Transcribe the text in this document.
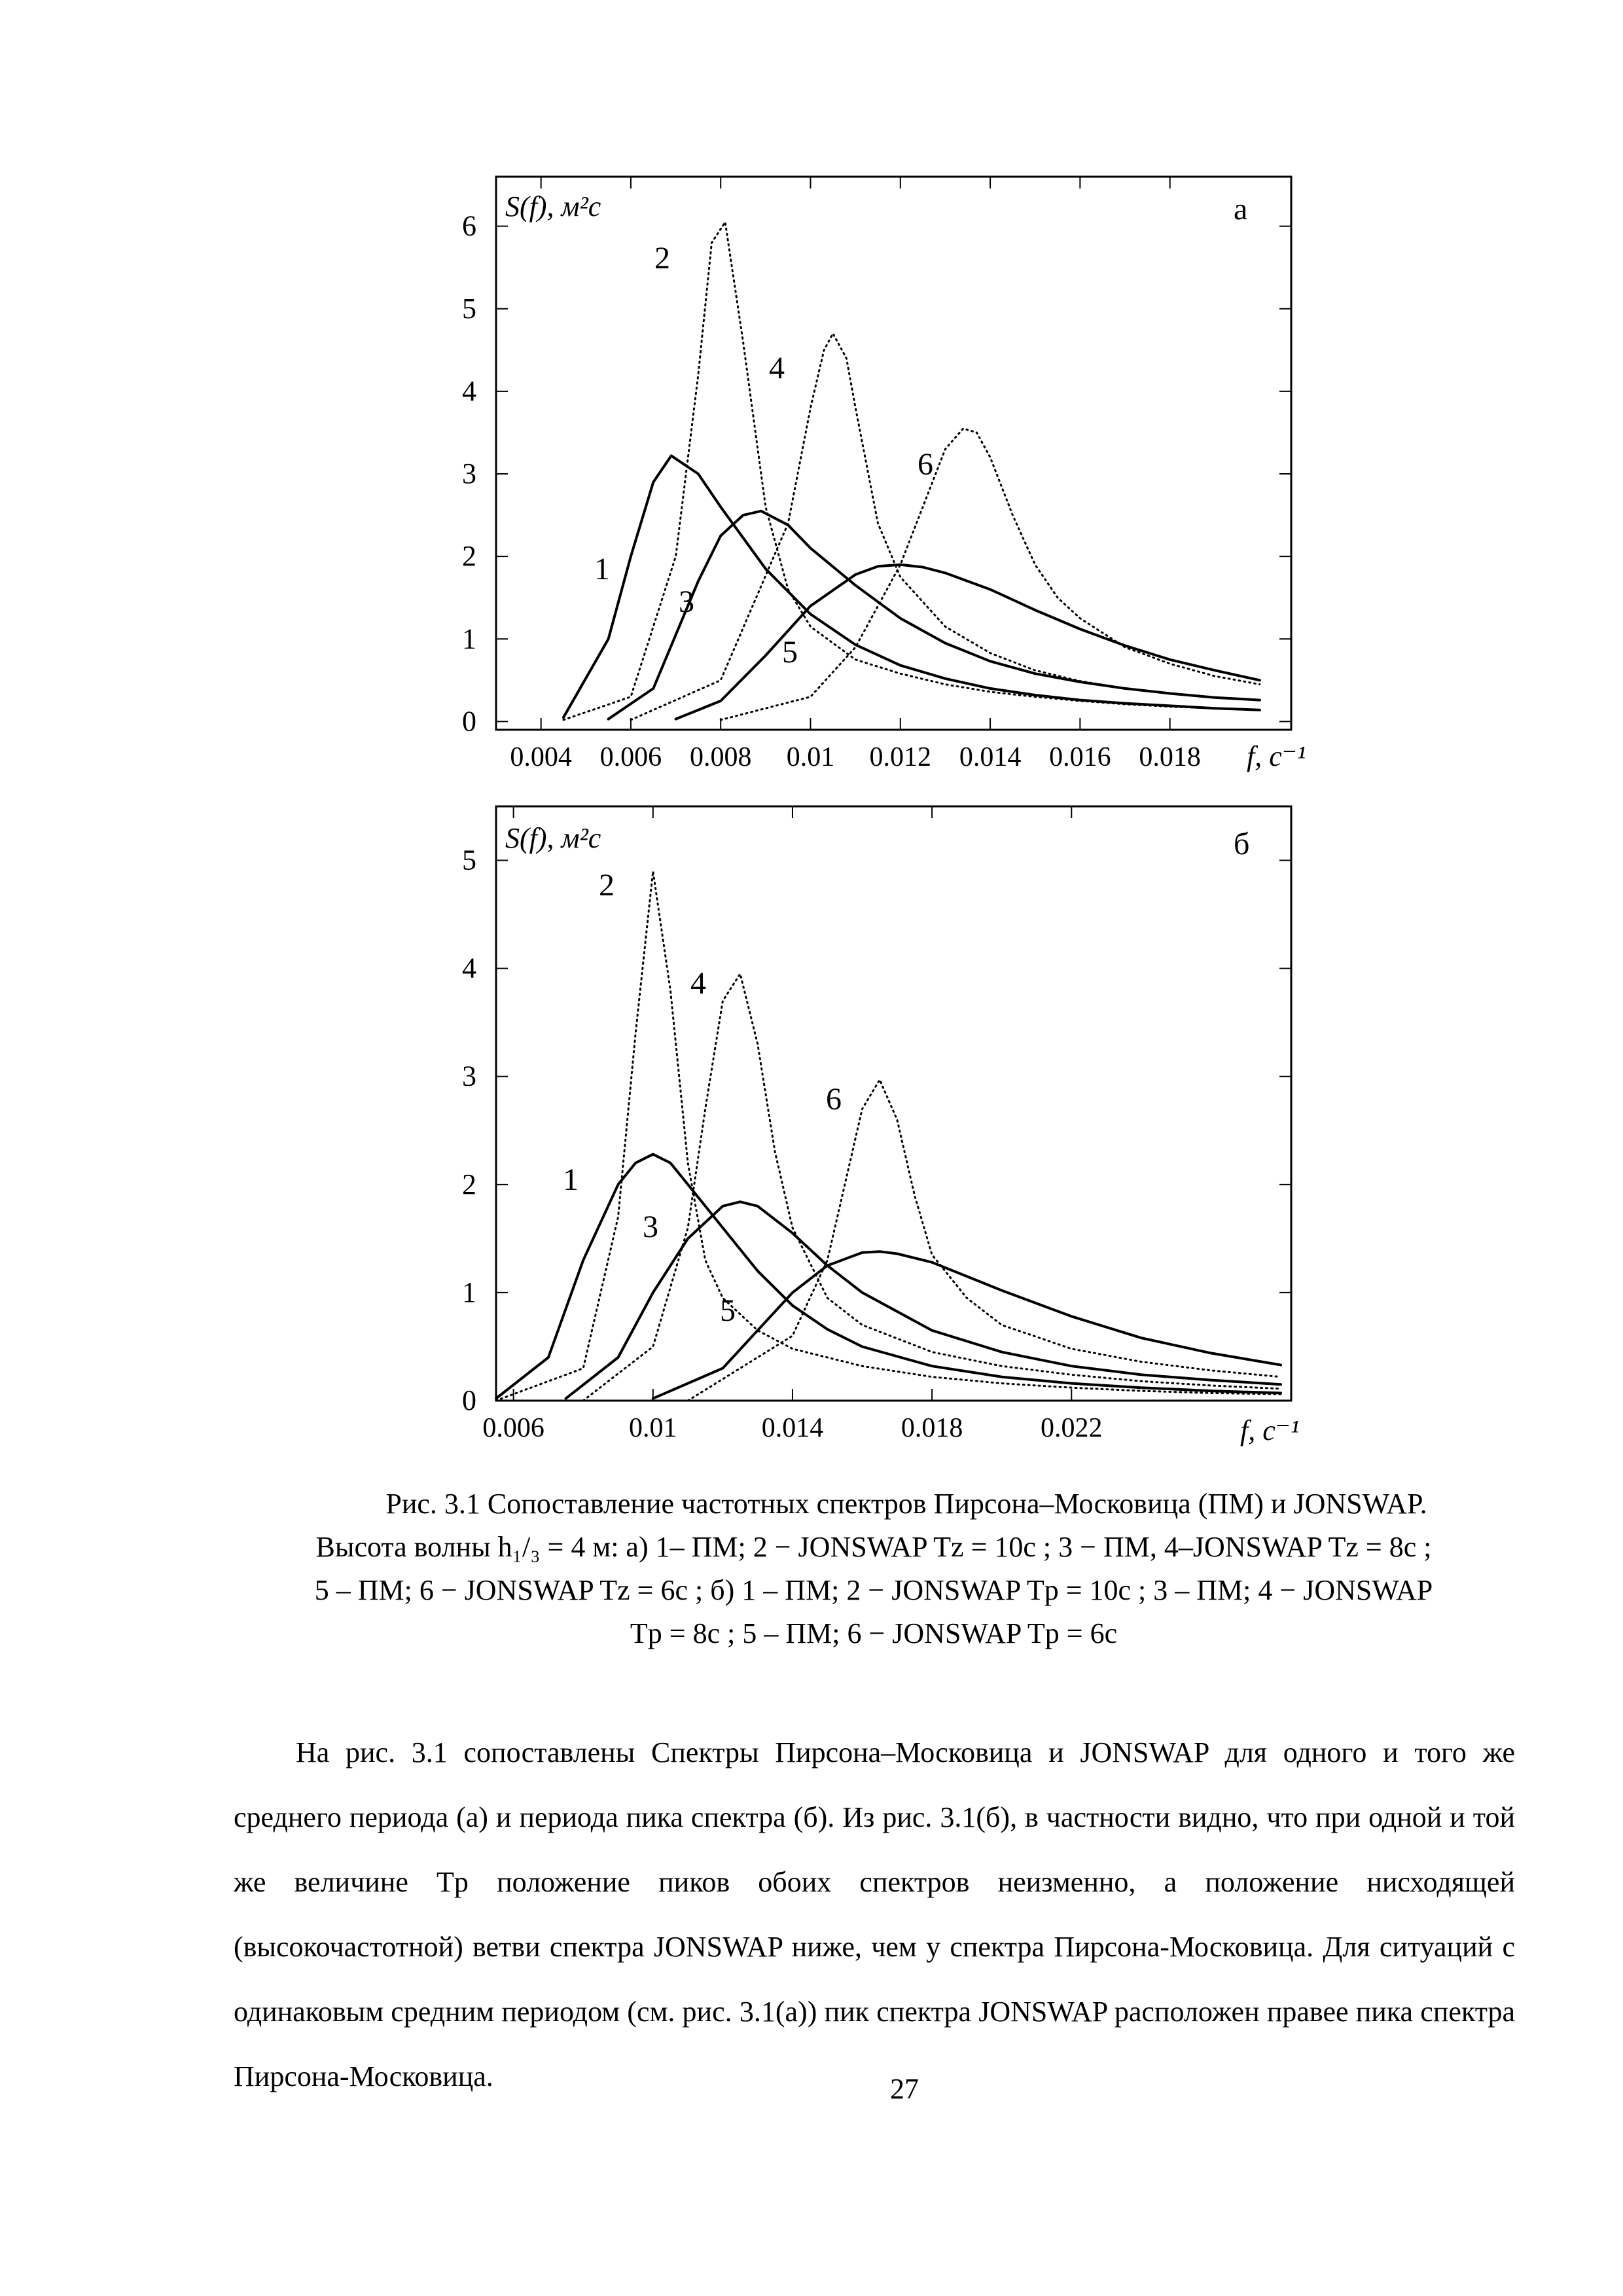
S(f), м²с	а
f, с⁻¹
0.004 0.006 0.008 0.01 0.012 0.014 0.016 0.018
0
1
2
3
4
5
6
1
2
3
4
5
6
S(f), м²с	б
f, с⁻¹
0.006	0.01	0.014	0.018	0.022
0
1
2
3
4
5
1
2
3
4
5
6
Рис. 3.1 Сопоставление частотных спектров Пирсона–Московица (ПМ) и JONSWAP.
Высота волны h₁/₃ = 4 м: а) 1– ПМ; 2 − JONSWAP Tz = 10с ; 3 − ПМ, 4–JONSWAP Tz = 8с ;
5 – ПМ; 6 − JONSWAP Tz = 6с ; б) 1 – ПМ; 2 − JONSWAP Tp = 10с ; 3 – ПМ; 4 − JONSWAP
Tp = 8с ; 5 – ПМ; 6 − JONSWAP Tp = 6с

На рис. 3.1 сопоставлены Спектры Пирсона–Московица и JONSWAP для одного и того же среднего периода (а) и периода пика спектра (б). Из рис. 3.1(б), в частности видно, что при одной и той же величине Tp положение пиков обоих спектров неизменно, а положение нисходящей (высокочастотной) ветви спектра JONSWAP ниже, чем у спектра Пирсона-Московица. Для ситуаций с одинаковым средним периодом (см. рис. 3.1(а)) пик спектра JONSWAP расположен правее пика спектра Пирсона-Московица.	27
